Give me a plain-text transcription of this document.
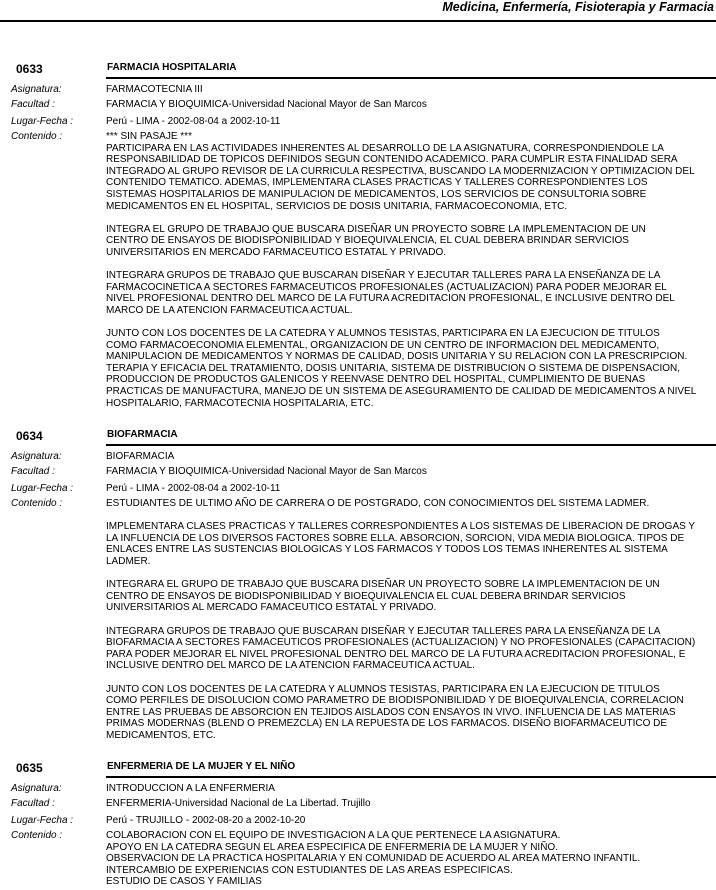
Medicina, Enfermería, Fisioterapia y Farmacia
0633	FARMACIA HOSPITALARIA
Asignatura:	FARMACOTECNIA III
Facultad :	FARMACIA Y BIOQUIMICA-Universidad Nacional Mayor de San Marcos
Lugar-Fecha :	Perú - LIMA - 2002-08-04 a 2002-10-11
Contenido :	*** SIN PASAJE ***
PARTICIPARA EN LAS ACTIVIDADES INHERENTES AL DESARROLLO DE LA ASIGNATURA, CORRESPONDIENDOLE LA
RESPONSABILIDAD DE TOPICOS DEFINIDOS SEGUN CONTENIDO ACADEMICO. PARA CUMPLIR ESTA FINALIDAD SERA
INTEGRADO AL GRUPO REVISOR DE LA CURRICULA RESPECTIVA, BUSCANDO LA MODERNIZACION Y OPTIMIZACION DEL
CONTENIDO TEMATICO. ADEMAS, IMPLEMENTARA CLASES PRACTICAS Y TALLERES CORRESPONDIENTES LOS
SISTEMAS HOSPITALARIOS DE MANIPULACION DE MEDICAMENTOS, LOS SERVICIOS DE CONSULTORIA SOBRE
MEDICAMENTOS EN EL HOSPITAL, SERVICIOS DE DOSIS UNITARIA, FARMACOECONOMIA, ETC.
INTEGRA EL GRUPO DE TRABAJO QUE BUSCARA DISEÑAR UN PROYECTO SOBRE LA IMPLEMENTACION DE UN
CENTRO DE ENSAYOS DE BIODISPONIBILIDAD Y BIOEQUIVALENCIA, EL CUAL DEBERA BRINDAR SERVICIOS
UNIVERSITARIOS EN MERCADO FARMACEUTICO ESTATAL Y PRIVADO.
INTEGRARA GRUPOS DE TRABAJO QUE BUSCARAN DISEÑAR Y EJECUTAR TALLERES PARA LA ENSEÑANZA DE LA
FARMACOCINETICA A SECTORES FARMACEUTICOS PROFESIONALES (ACTUALIZACION) PARA PODER MEJORAR EL
NIVEL PROFESIONAL DENTRO DEL MARCO DE LA FUTURA ACREDITACION PROFESIONAL, E INCLUSIVE DENTRO DEL
MARCO DE LA ATENCION FARMACEUTICA ACTUAL.
JUNTO CON LOS DOCENTES DE LA CATEDRA Y ALUMNOS TESISTAS, PARTICIPARA EN LA EJECUCION DE TITULOS
COMO FARMACOECONOMIA ELEMENTAL, ORGANIZACION DE UN CENTRO DE INFORMACION DEL MEDICAMENTO,
MANIPULACION DE MEDICAMENTOS Y NORMAS DE CALIDAD, DOSIS UNITARIA Y SU RELACION CON LA PRESCRIPCION.
TERAPIA Y EFICACIA DEL TRATAMIENTO, DOSIS UNITARIA, SISTEMA DE DISTRIBUCION O SISTEMA DE DISPENSACION,
PRODUCCION DE PRODUCTOS GALENICOS Y REENVASE DENTRO DEL HOSPITAL, CUMPLIMIENTO DE BUENAS
PRACTICAS DE MANUFACTURA, MANEJO DE UN SISTEMA DE ASEGURAMIENTO DE CALIDAD DE MEDICAMENTOS A NIVEL
HOSPITALARIO, FARMACOTECNIA HOSPITALARIA, ETC.
0634	BIOFARMACIA
Asignatura:	BIOFARMACIA
Facultad :	FARMACIA Y BIOQUIMICA-Universidad Nacional Mayor de San Marcos
Lugar-Fecha :	Perú - LIMA - 2002-08-04 a 2002-10-11
Contenido :	ESTUDIANTES DE ULTIMO AÑO DE CARRERA O DE POSTGRADO, CON CONOCIMIENTOS DEL SISTEMA LADMER.
IMPLEMENTARA CLASES PRACTICAS Y TALLERES CORRESPONDIENTES A LOS SISTEMAS DE LIBERACION DE DROGAS Y
LA INFLUENCIA DE LOS DIVERSOS FACTORES SOBRE ELLA. ABSORCION, SORCION, VIDA MEDIA BIOLOGICA. TIPOS DE
ENLACES ENTRE LAS SUSTENCIAS BIOLOGICAS Y LOS FARMACOS Y TODOS LOS TEMAS INHERENTES AL SISTEMA
LADMER.
INTEGRARA EL GRUPO DE TRABAJO QUE BUSCARA DISEÑAR UN PROYECTO SOBRE LA IMPLEMENTACION DE UN
CENTRO DE ENSAYOS DE BIODISPONIBILIDAD Y BIOEQUIVALENCIA EL CUAL DEBERA BRINDAR SERVICIOS
UNIVERSITARIOS AL MERCADO FAMACEUTICO ESTATAL Y PRIVADO.
INTEGRARA GRUPOS DE TRABAJO QUE BUSCARAN DISEÑAR Y EJECUTAR TALLERES PARA LA ENSEÑANZA DE LA
BIOFARMACIA A SECTORES FAMACEUTICOS PROFESIONALES (ACTUALIZACION) Y NO PROFESIONALES (CAPACITACION)
PARA PODER MEJORAR EL NIVEL PROFESIONAL DENTRO DEL MARCO DE LA FUTURA ACREDITACION PROFESIONAL, E
INCLUSIVE DENTRO DEL MARCO DE LA ATENCION FARMACEUTICA ACTUAL.
JUNTO CON LOS DOCENTES DE LA CATEDRA Y ALUMNOS TESISTAS, PARTICIPARA EN LA EJECUCION DE TITULOS
COMO PERFILES DE DISOLUCION COMO PARAMETRO DE BIODISPONIBILIDAD Y DE BIOEQUIVALENCIA, CORRELACION
ENTRE LAS PRUEBAS DE ABSORCION EN TEJIDOS AISLADOS CON ENSAYOS IN VIVO. INFLUENCIA DE LAS MATERIAS
PRIMAS MODERNAS (BLEND O PREMEZCLA) EN LA REPUESTA DE LOS FARMACOS. DISEÑO BIOFARMACEUTICO DE
MEDICAMENTOS, ETC.
0635	ENFERMERIA DE LA MUJER Y EL NIÑO
Asignatura:	INTRODUCCION A LA ENFERMERIA
Facultad :	ENFERMERIA-Universidad Nacional de La Libertad. Trujillo
Lugar-Fecha :	Perú - TRUJILLO - 2002-08-20 a 2002-10-20
Contenido :	COLABORACION CON EL EQUIPO DE INVESTIGACION A LA QUE PERTENECE LA ASIGNATURA.
APOYO EN LA CATEDRA SEGUN EL AREA ESPECIFICA DE ENFERMERIA DE LA MUJER Y NIÑO.
OBSERVACION DE LA PRACTICA HOSPITALARIA Y EN COMUNIDAD DE ACUERDO AL AREA MATERNO INFANTIL.
INTERCAMBIO DE EXPERIENCIAS CON ESTUDIANTES DE LAS AREAS ESPECIFICAS.
ESTUDIO DE CASOS Y FAMILIAS
